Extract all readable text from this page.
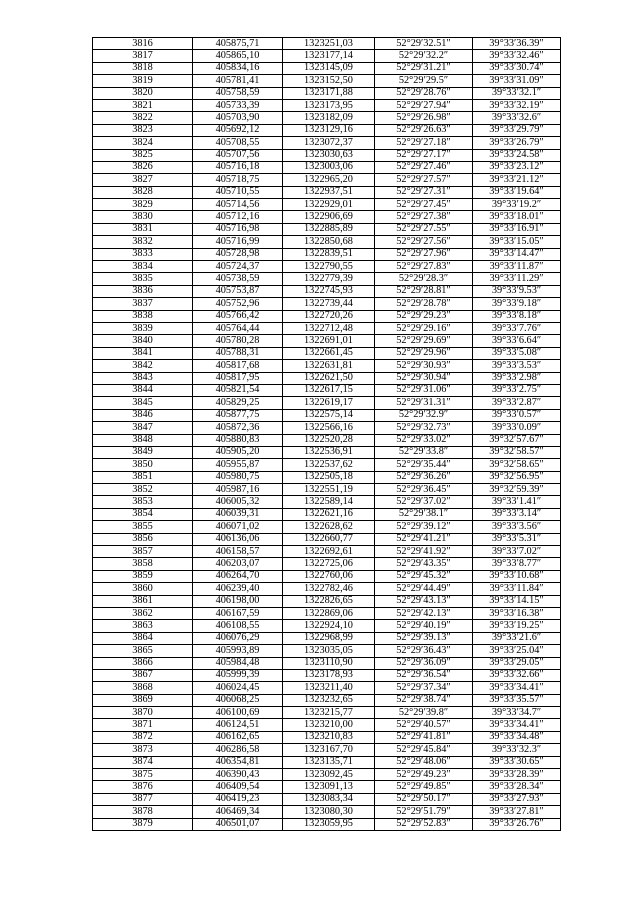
3816	405875,71	1323251,03	52°29′32.51″	39°33′36.39″
3817	405865,10	1323177,14	52°29′32.2″	39°33′32.46″
3818	405834,16	1323145,09	52°29′31.21″	39°33′30.74″
3819	405781,41	1323152,50	52°29′29.5″	39°33′31.09″
3820	405758,59	1323171,88	52°29′28.76″	39°33′32.1″
3821	405733,39	1323173,95	52°29′27.94″	39°33′32.19″
3822	405703,90	1323182,09	52°29′26.98″	39°33′32.6″
3823	405692,12	1323129,16	52°29′26.63″	39°33′29.79″
3824	405708,55	1323072,37	52°29′27.18″	39°33′26.79″
3825	405707,56	1323030,63	52°29′27.17″	39°33′24.58″
3826	405716,18	1323003,06	52°29′27.46″	39°33′23.12″
3827	405718,75	1322965,20	52°29′27.57″	39°33′21.12″
3828	405710,55	1322937,51	52°29′27.31″	39°33′19.64″
3829	405714,56	1322929,01	52°29′27.45″	39°33′19.2″
3830	405712,16	1322906,69	52°29′27.38″	39°33′18.01″
3831	405716,98	1322885,89	52°29′27.55″	39°33′16.91″
3832	405716,99	1322850,68	52°29′27.56″	39°33′15.05″
3833	405728,98	1322839,51	52°29′27.96″	39°33′14.47″
3834	405724,37	1322790,55	52°29′27.83″	39°33′11.87″
3835	405738,59	1322779,39	52°29′28.3″	39°33′11.29″
3836	405753,87	1322745,93	52°29′28.81″	39°33′9.53″
3837	405752,96	1322739,44	52°29′28.78″	39°33′9.18″
3838	405766,42	1322720,26	52°29′29.23″	39°33′8.18″
3839	405764,44	1322712,48	52°29′29.16″	39°33′7.76″
3840	405780,28	1322691,01	52°29′29.69″	39°33′6.64″
3841	405788,31	1322661,45	52°29′29.96″	39°33′5.08″
3842	405817,68	1322631,81	52°29′30.93″	39°33′3.53″
3843	405817,95	1322621,50	52°29′30.94″	39°33′2.98″
3844	405821,54	1322617,15	52°29′31.06″	39°33′2.75″
3845	405829,25	1322619,17	52°29′31.31″	39°33′2.87″
3846	405877,75	1322575,14	52°29′32.9″	39°33′0.57″
3847	405872,36	1322566,16	52°29′32.73″	39°33′0.09″
3848	405880,83	1322520,28	52°29′33.02″	39°32′57.67″
3849	405905,20	1322536,91	52°29′33.8″	39°32′58.57″
3850	405955,87	1322537,62	52°29′35.44″	39°32′58.65″
3851	405980,75	1322505,18	52°29′36.26″	39°32′56.95″
3852	405987,16	1322551,19	52°29′36.45″	39°32′59.39″
3853	406005,32	1322589,14	52°29′37.02″	39°33′1.41″
3854	406039,31	1322621,16	52°29′38.1″	39°33′3.14″
3855	406071,02	1322628,62	52°29′39.12″	39°33′3.56″
3856	406136,06	1322660,77	52°29′41.21″	39°33′5.31″
3857	406158,57	1322692,61	52°29′41.92″	39°33′7.02″
3858	406203,07	1322725,06	52°29′43.35″	39°33′8.77″
3859	406264,70	1322760,06	52°29′45.32″	39°33′10.68″
3860	406239,40	1322782,46	52°29′44.49″	39°33′11.84″
3861	406198,00	1322826,65	52°29′43.13″	39°33′14.15″
3862	406167,59	1322869,06	52°29′42.13″	39°33′16.38″
3863	406108,55	1322924,10	52°29′40.19″	39°33′19.25″
3864	406076,29	1322968,99	52°29′39.13″	39°33′21.6″
3865	405993,89	1323035,05	52°29′36.43″	39°33′25.04″
3866	405984,48	1323110,90	52°29′36.09″	39°33′29.05″
3867	405999,39	1323178,93	52°29′36.54″	39°33′32.66″
3868	406024,45	1323211,40	52°29′37.34″	39°33′34.41″
3869	406068,25	1323232,65	52°29′38.74″	39°33′35.57″
3870	406100,69	1323215,77	52°29′39.8″	39°33′34.7″
3871	406124,51	1323210,00	52°29′40.57″	39°33′34.41″
3872	406162,65	1323210,83	52°29′41.81″	39°33′34.48″
3873	406286,58	1323167,70	52°29′45.84″	39°33′32.3″
3874	406354,81	1323135,71	52°29′48.06″	39°33′30.65″
3875	406390,43	1323092,45	52°29′49.23″	39°33′28.39″
3876	406409,54	1323091,13	52°29′49.85″	39°33′28.34″
3877	406419,23	1323083,34	52°29′50.17″	39°33′27.93″
3878	406469,34	1323080,30	52°29′51.79″	39°33′27.81″
3879	406501,07	1323059,95	52°29′52.83″	39°33′26.76″
